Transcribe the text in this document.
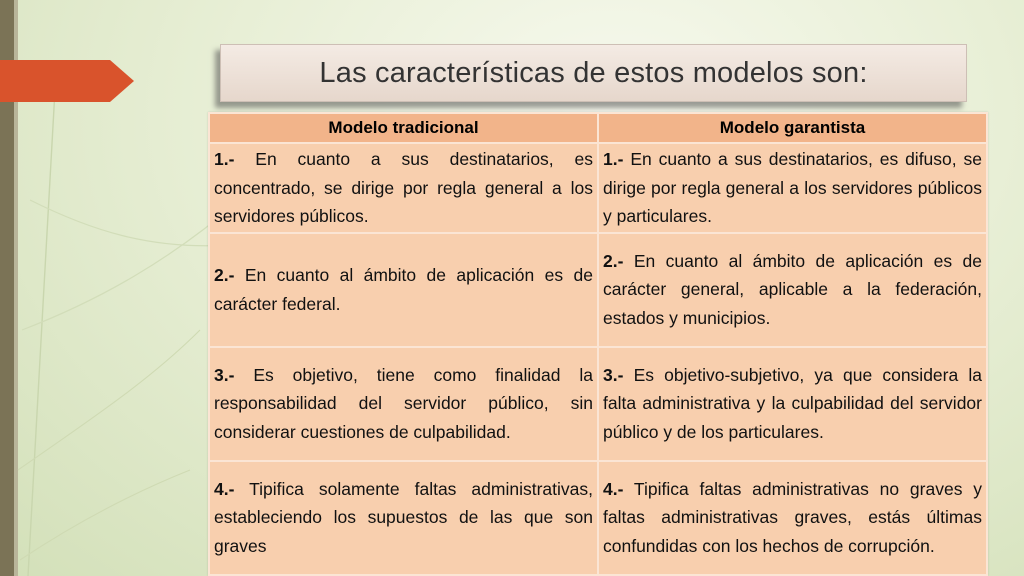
Las características de estos modelos son:
Modelo tradicional	Modelo garantista
1.- En cuanto a sus destinatarios, es concentrado, se dirige por regla general a los servidores públicos.	1.- En cuanto a sus destinatarios, es difuso, se dirige por regla general a los servidores públicos y particulares.
2.- En cuanto al ámbito de aplicación es de carácter federal.	2.- En cuanto al ámbito de aplicación es de carácter general, aplicable a la federación, estados y municipios.
3.- Es objetivo, tiene como finalidad la responsabilidad del servidor público, sin considerar cuestiones de culpabilidad.	3.- Es objetivo-subjetivo, ya que considera la falta administrativa y la culpabilidad del servidor público y de los particulares.
4.- Tipifica solamente faltas administrativas, estableciendo los supuestos de las que son graves	4.- Tipifica faltas administrativas no graves y faltas administrativas graves, estás últimas confundidas con los hechos de corrupción.
